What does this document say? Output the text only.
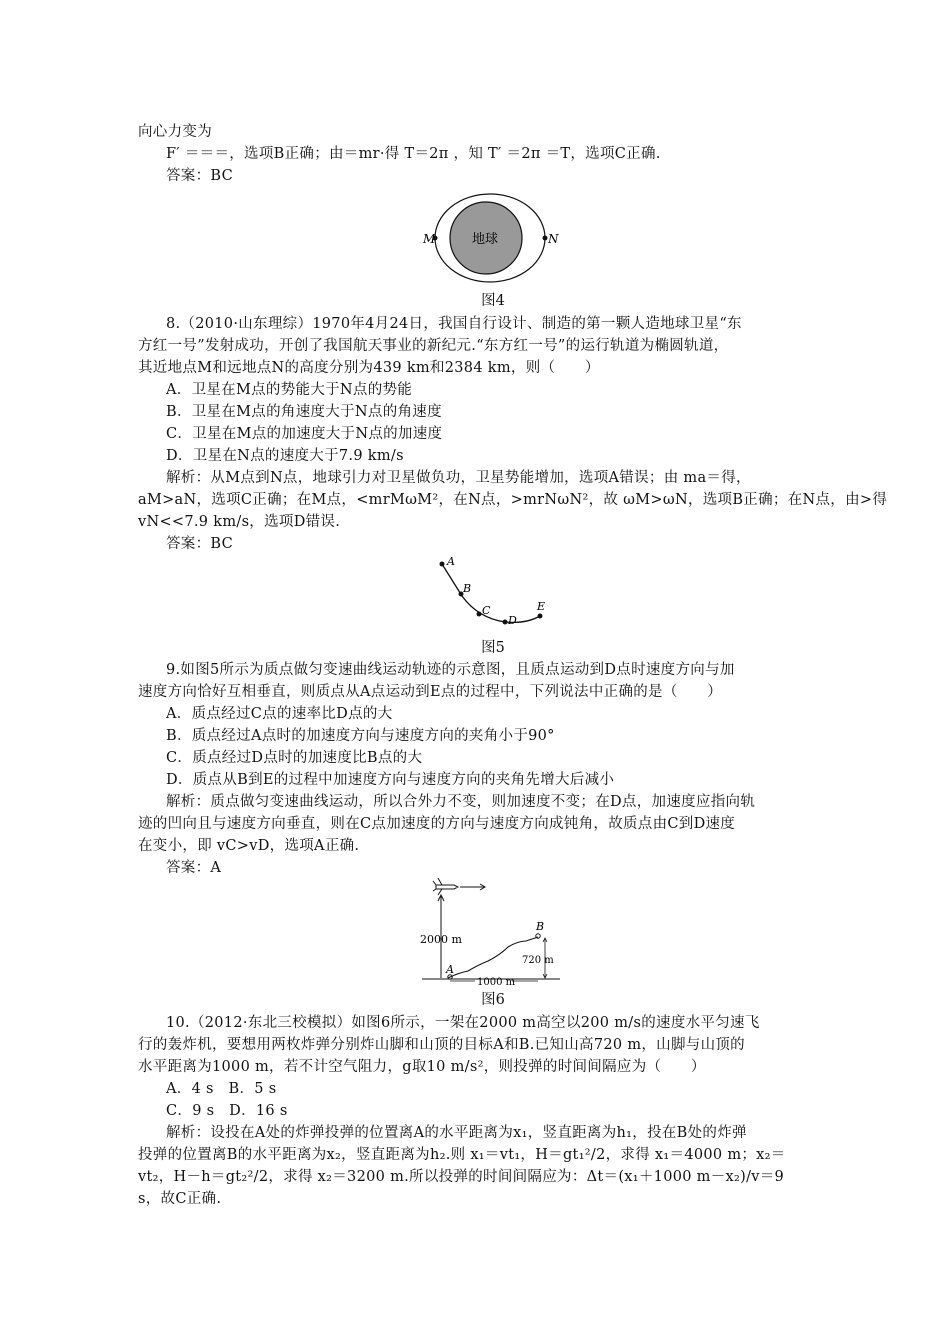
向心力变为
F′ ＝＝＝，选项B正确；由＝mr·得 T＝2π ，知 T′ ＝2π ＝T，选项C正确.
答案：BC
地球
M	N
图4
8.（2010·山东理综）1970年4月24日，我国自行设计、制造的第一颗人造地球卫星“东
方红一号”发射成功，开创了我国航天事业的新纪元.“东方红一号”的运行轨道为椭圆轨道，
其近地点M和远地点N的高度分别为439 km和2384 km，则（　　）
A．卫星在M点的势能大于N点的势能
B．卫星在M点的角速度大于N点的角速度
C．卫星在M点的加速度大于N点的加速度
D．卫星在N点的速度大于7.9 km/s
解析：从M点到N点，地球引力对卫星做负功，卫星势能增加，选项A错误；由 ma＝得，
aM>aN，选项C正确；在M点，<mrMωM²，在N点，>mrNωN²，故 ωM>ωN，选项B正确；在N点，由>得
vN<<7.9 km/s，选项D错误.
答案：BC
A
B
C
D
E
图5
9.如图5所示为质点做匀变速曲线运动轨迹的示意图，且质点运动到D点时速度方向与加
速度方向恰好互相垂直，则质点从A点运动到E点的过程中，下列说法中正确的是（　　）
A．质点经过C点的速率比D点的大
B．质点经过A点时的加速度方向与速度方向的夹角小于90°
C．质点经过D点时的加速度比B点的大
D．质点从B到E的过程中加速度方向与速度方向的夹角先增大后减小
解析：质点做匀变速曲线运动，所以合外力不变，则加速度不变；在D点，加速度应指向轨
迹的凹向且与速度方向垂直，则在C点加速度的方向与速度方向成钝角，故质点由C到D速度
在变小，即 vC>vD，选项A正确.
答案：A
2000 m
A
B
720 m
1000 m
图6
10.（2012·东北三校模拟）如图6所示，一架在2000 m高空以200 m/s的速度水平匀速飞
行的轰炸机，要想用两枚炸弹分别炸山脚和山顶的目标A和B.已知山高720 m，山脚与山顶的
水平距离为1000 m，若不计空气阻力，g取10 m/s²，则投弹的时间间隔应为（　　）
A．4 s　B．5 s
C．9 s　D．16 s
解析：设投在A处的炸弹投弹的位置离A的水平距离为x₁，竖直距离为h₁，投在B处的炸弹
投弹的位置离B的水平距离为x₂，竖直距离为h₂.则 x₁＝vt₁，H＝gt₁²/2，求得 x₁＝4000 m；x₂＝
vt₂，H－h＝gt₂²/2，求得 x₂＝3200 m.所以投弹的时间间隔应为：Δt＝(x₁＋1000 m－x₂)/v＝9
s，故C正确.
